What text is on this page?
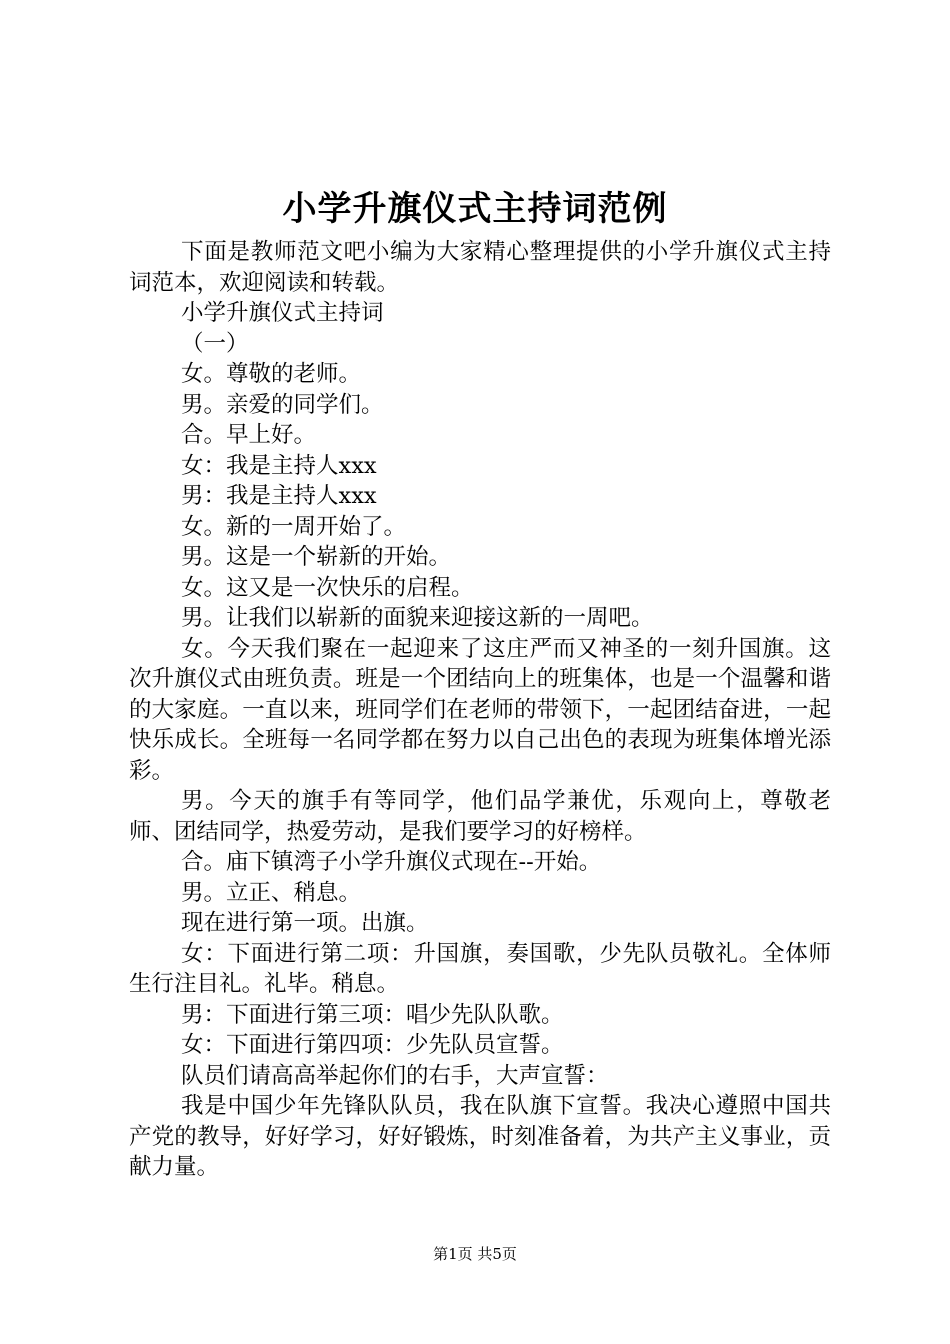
小学升旗仪式主持词范例

下面是教师范文吧小编为大家精心整理提供的小学升旗仪式主持词范本，欢迎阅读和转载。

小学升旗仪式主持词

（一）

女。尊敬的老师。

男。亲爱的同学们。

合。早上好。

女：我是主持人xxx

男：我是主持人xxx

女。新的一周开始了。

男。这是一个崭新的开始。

女。这又是一次快乐的启程。

男。让我们以崭新的面貌来迎接这新的一周吧。

女。今天我们聚在一起迎来了这庄严而又神圣的一刻升国旗。这次升旗仪式由班负责。班是一个团结向上的班集体，也是一个温馨和谐的大家庭。一直以来，班同学们在老师的带领下，一起团结奋进，一起快乐成长。全班每一名同学都在努力以自己出色的表现为班集体增光添彩。

男。今天的旗手有等同学，他们品学兼优，乐观向上，尊敬老师、团结同学，热爱劳动，是我们要学习的好榜样。

合。庙下镇湾子小学升旗仪式现在--开始。

男。立正、稍息。

现在进行第一项。出旗。

女：下面进行第二项：升国旗，奏国歌，少先队员敬礼。全体师生行注目礼。礼毕。稍息。

男：下面进行第三项：唱少先队队歌。

女：下面进行第四项：少先队员宣誓。

队员们请高高举起你们的右手，大声宣誓：

我是中国少年先锋队队员，我在队旗下宣誓。我决心遵照中国共产党的教导，好好学习，好好锻炼，时刻准备着，为共产主义事业，贡献力量。

第1页 共5页
